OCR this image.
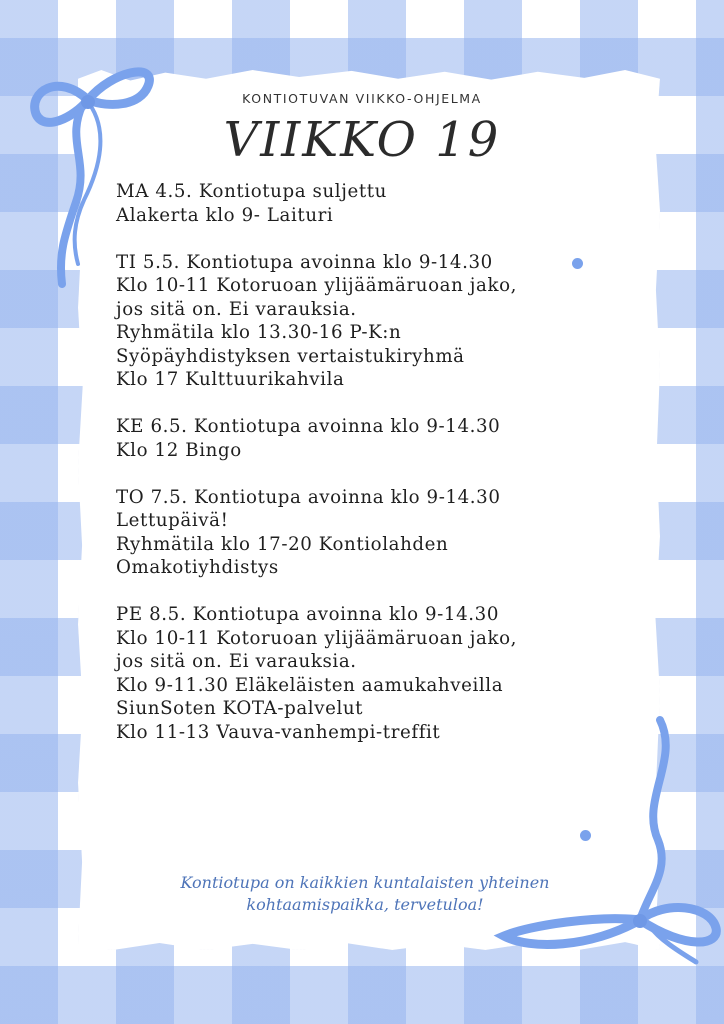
KONTIOTUVAN VIIKKO-OHJELMA
VIIKKO 19
MA 4.5. Kontiotupa suljettu
Alakerta klo 9- Laituri
TI 5.5. Kontiotupa avoinna klo 9-14.30
Klo 10-11 Kotoruoan ylijäämäruoan jako,
jos sitä on. Ei varauksia.
Ryhmätila klo 13.30-16 P-K:n
Syöpäyhdistyksen vertaistukiryhmä
Klo 17 Kulttuurikahvila
KE 6.5. Kontiotupa avoinna klo 9-14.30
Klo 12 Bingo
TO 7.5. Kontiotupa avoinna klo 9-14.30
Lettupäivä!
Ryhmätila klo 17-20 Kontiolahden
Omakotiyhdistys
PE 8.5. Kontiotupa avoinna klo 9-14.30
Klo 10-11 Kotoruoan ylijäämäruoan jako,
jos sitä on. Ei varauksia.
Klo 9-11.30 Eläkeläisten aamukahveilla
SiunSoten KOTA-palvelut
Klo 11-13 Vauva-vanhempi-treffit
Kontiotupa on kaikkien kuntalaisten yhteinen
kohtaamispaikka, tervetuloa!
